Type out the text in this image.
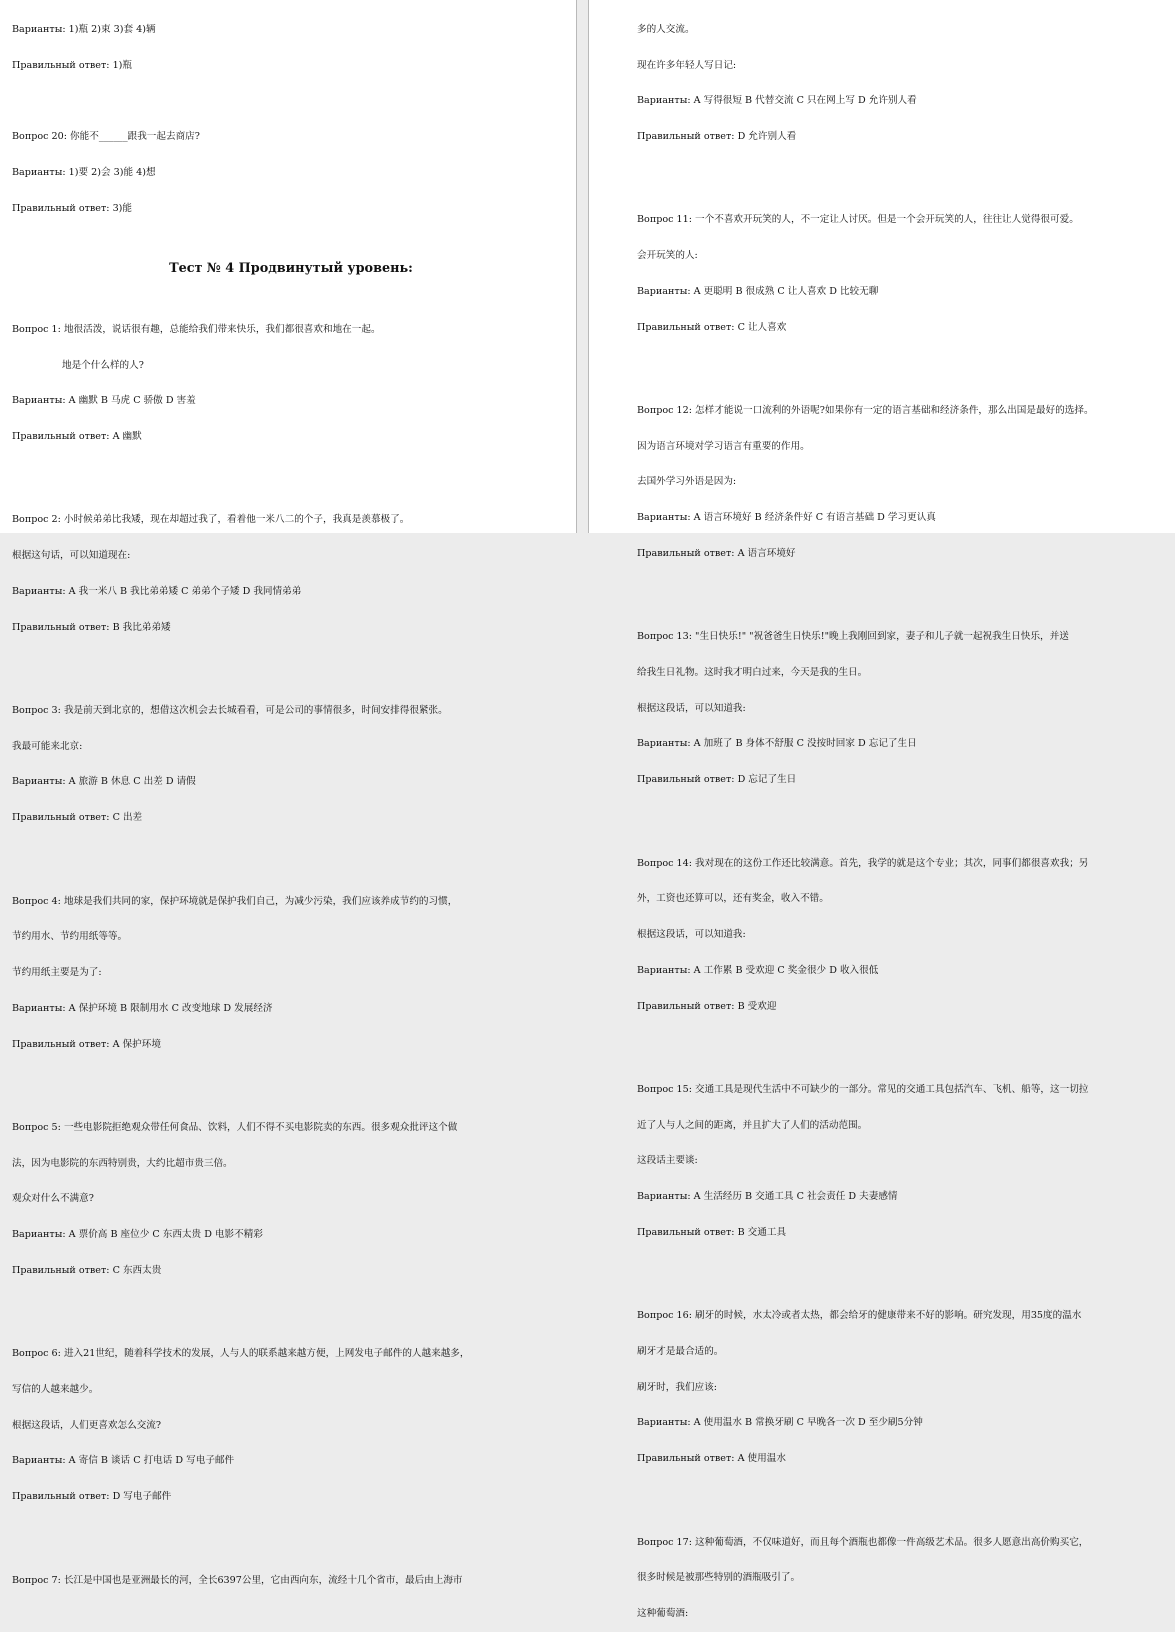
Варианты: 1)瓶 2)束 3)套 4)辆

Правильный ответ: 1)瓶

Вопрос 20: 你能不______跟我一起去商店?

Варианты: 1)要 2)会 3)能 4)想

Правильный ответ: 3)能

Тест № 4 Продвинутый уровень:

Вопрос 1: 地很活泼，说话很有趣，总能给我们带来快乐，我们都很喜欢和地在一起。

地是个什么样的人?

Варианты: A 幽默 B 马虎 C 骄傲 D 害羞

Правильный ответ: A 幽默

Вопрос 2: 小时候弟弟比我矮，现在却超过我了，看着他一米八二的个子，我真是羡慕极了。

根据这句话，可以知道现在:

Варианты: A 我一米八 B 我比弟弟矮 C 弟弟个子矮 D 我同情弟弟

Правильный ответ: B 我比弟弟矮

Вопрос 3: 我是前天到北京的，想借这次机会去长城看看，可是公司的事情很多，时间安排得很紧张。

我最可能来北京:

Варианты: A 旅游 B 休息 C 出差 D 请假

Правильный ответ: C 出差

Вопрос 4: 地球是我们共同的家，保护环境就是保护我们自己，为减少污染，我们应该养成节约的习惯，

节约用水、节约用纸等等。

节约用纸主要是为了:

Варианты: A 保护环境 B 限制用水 C 改变地球 D 发展经济

Правильный ответ: A 保护环境

Вопрос 5: 一些电影院拒绝观众带任何食品、饮料，人们不得不买电影院卖的东西。很多观众批评这个做

法，因为电影院的东西特别贵，大约比超市贵三倍。

观众对什么不满意?

Варианты: A 票价高 B 座位少 C 东西太贵 D 电影不精彩

Правильный ответ: C 东西太贵

Вопрос 6: 进入21世纪，随着科学技术的发展，人与人的联系越来越方便，上网发电子邮件的人越来越多，

写信的人越来越少。

根据这段话，人们更喜欢怎么交流?

Варианты: A 寄信 B 谈话 C 打电话 D 写电子邮件

Правильный ответ: D 写电子邮件

Вопрос 7: 长江是中国也是亚洲最长的河，全长6397公里，它由西向东，流经十几个省市，最后由上海市

多的人交流。

现在许多年轻人写日记:

Варианты: A 写得很短 B 代替交流 C 只在网上写 D 允许别人看

Правильный ответ: D 允许别人看

Вопрос 11: 一个不喜欢开玩笑的人，不一定让人讨厌。但是一个会开玩笑的人，往往让人觉得很可爱。

会开玩笑的人:

Варианты: A 更聪明 B 很成熟 C 让人喜欢 D 比较无聊

Правильный ответ: C 让人喜欢

Вопрос 12: 怎样才能说一口流利的外语呢?如果你有一定的语言基础和经济条件，那么出国是最好的选择。

因为语言环境对学习语言有重要的作用。

去国外学习外语是因为:

Варианты: A 语言环境好 B 经济条件好 C 有语言基础 D 学习更认真

Правильный ответ: A 语言环境好

Вопрос 13: "生日快乐!" "祝爸爸生日快乐!"晚上我刚回到家，妻子和儿子就一起祝我生日快乐，并送

给我生日礼物。这时我才明白过来，今天是我的生日。

根据这段话，可以知道我:

Варианты: A 加班了 B 身体不舒服 C 没按时回家 D 忘记了生日

Правильный ответ: D 忘记了生日

Вопрос 14: 我对现在的这份工作还比较满意。首先，我学的就是这个专业；其次，同事们都很喜欢我；另

外，工资也还算可以，还有奖金，收入不错。

根据这段话，可以知道我:

Варианты: A 工作累 B 受欢迎 C 奖金很少 D 收入很低

Правильный ответ: B 受欢迎

Вопрос 15: 交通工具是现代生活中不可缺少的一部分。常见的交通工具包括汽车、飞机、船等，这一切拉

近了人与人之间的距离，并且扩大了人们的活动范围。

这段话主要谈:

Варианты: A 生活经历 B 交通工具 C 社会责任 D 夫妻感情

Правильный ответ: B 交通工具

Вопрос 16: 刷牙的时候，水太冷或者太热，都会给牙的健康带来不好的影响。研究发现，用35度的温水

刷牙才是最合适的。

刷牙时，我们应该:

Варианты: A 使用温水 B 常换牙刷 C 早晚各一次 D 至少刷5分钟

Правильный ответ: A 使用温水

Вопрос 17: 这种葡萄酒，不仅味道好，而且每个酒瓶也都像一件高级艺术品。很多人愿意出高价购买它，

很多时候是被那些特别的酒瓶吸引了。

这种葡萄酒:
